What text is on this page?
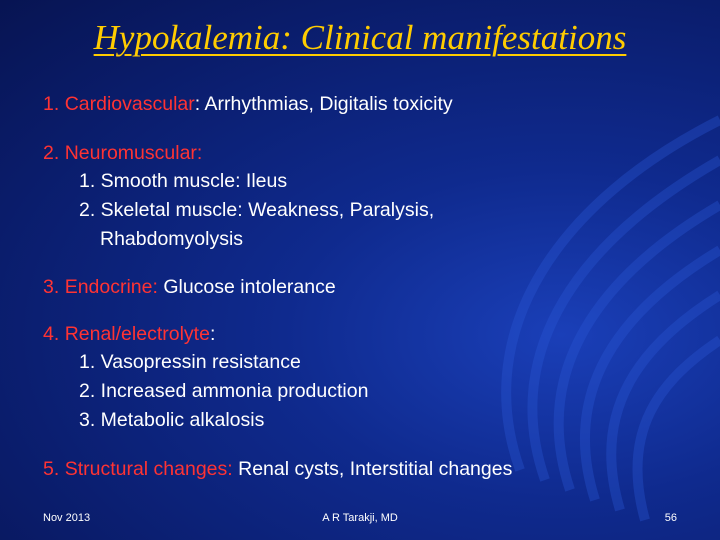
Hypokalemia: Clinical manifestations
1. Cardiovascular: Arrhythmias, Digitalis toxicity
2. Neuromuscular:
1. Smooth muscle: Ileus
2. Skeletal muscle: Weakness, Paralysis,
Rhabdomyolysis
3. Endocrine: Glucose intolerance
4. Renal/electrolyte:
1. Vasopressin resistance
2. Increased ammonia production
3. Metabolic alkalosis
5. Structural changes: Renal cysts, Interstitial changes
Nov 2013	A R Tarakji, MD	56
